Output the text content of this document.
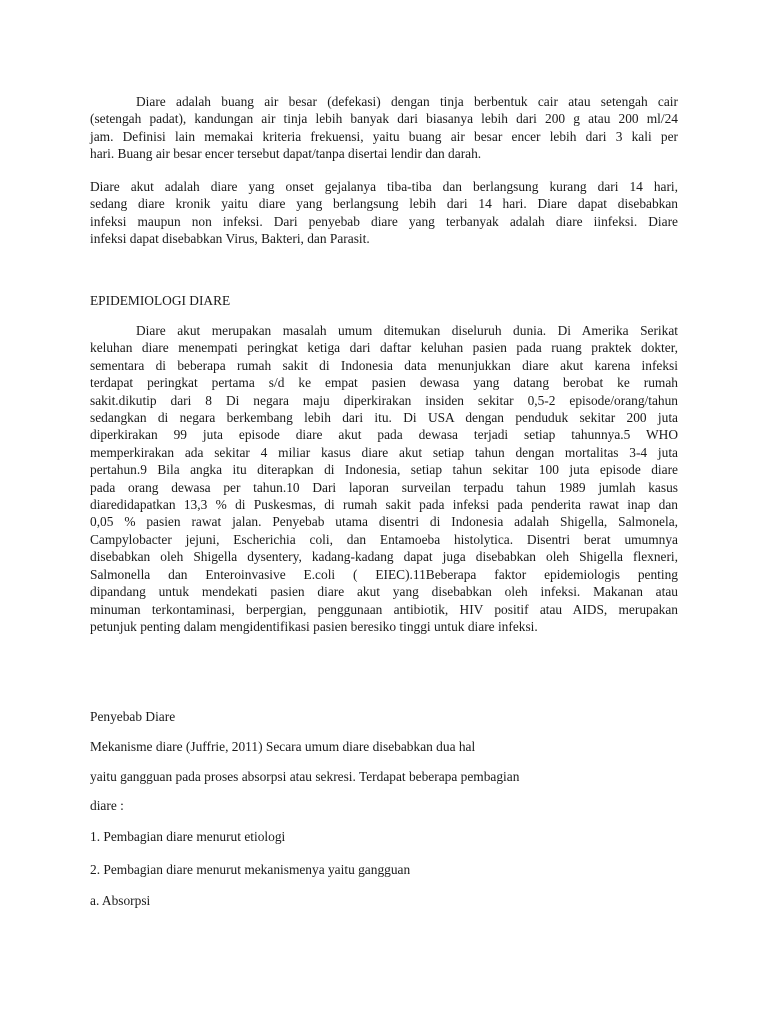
Diare adalah buang air besar (defekasi) dengan tinja berbentuk cair atau setengah cair
(setengah padat), kandungan air tinja lebih banyak dari biasanya lebih dari 200 g atau 200 ml/24
jam. Definisi lain memakai kriteria frekuensi, yaitu buang air besar encer lebih dari 3 kali per
hari. Buang air besar encer tersebut dapat/tanpa disertai lendir dan darah.
Diare akut adalah diare yang onset gejalanya tiba-tiba dan berlangsung kurang dari 14 hari,
sedang diare kronik yaitu diare yang berlangsung lebih dari 14 hari. Diare dapat disebabkan
infeksi maupun non infeksi. Dari penyebab diare yang terbanyak adalah diare iinfeksi. Diare
infeksi dapat disebabkan Virus, Bakteri, dan Parasit.
EPIDEMIOLOGI DIARE
Diare akut merupakan masalah umum ditemukan diseluruh dunia. Di Amerika Serikat
keluhan diare menempati peringkat ketiga dari daftar keluhan pasien pada ruang praktek dokter,
sementara di beberapa rumah sakit di Indonesia data menunjukkan diare akut karena infeksi
terdapat peringkat pertama s/d ke empat pasien dewasa yang datang berobat ke rumah
sakit.dikutip dari 8 Di negara maju diperkirakan insiden sekitar 0,5-2 episode/orang/tahun
sedangkan di negara berkembang lebih dari itu. Di USA dengan penduduk sekitar 200 juta
diperkirakan 99 juta episode diare akut pada dewasa terjadi setiap tahunnya.5 WHO
memperkirakan ada sekitar 4 miliar kasus diare akut setiap tahun dengan mortalitas 3-4 juta
pertahun.9 Bila angka itu diterapkan di Indonesia, setiap tahun sekitar 100 juta episode diare
pada orang dewasa per tahun.10 Dari laporan surveilan terpadu tahun 1989 jumlah kasus
diaredidapatkan 13,3 % di Puskesmas, di rumah sakit pada infeksi pada penderita rawat inap dan
0,05 % pasien rawat jalan. Penyebab utama disentri di Indonesia adalah Shigella, Salmonela,
Campylobacter jejuni, Escherichia coli, dan Entamoeba histolytica. Disentri berat umumnya
disebabkan oleh Shigella dysentery, kadang-kadang dapat juga disebabkan oleh Shigella flexneri,
Salmonella dan Enteroinvasive E.coli ( EIEC).11Beberapa faktor epidemiologis penting
dipandang untuk mendekati pasien diare akut yang disebabkan oleh infeksi. Makanan atau
minuman terkontaminasi, berpergian, penggunaan antibiotik, HIV positif atau AIDS, merupakan
petunjuk penting dalam mengidentifikasi pasien beresiko tinggi untuk diare infeksi.
Penyebab Diare
Mekanisme diare (Juffrie, 2011) Secara umum diare disebabkan dua hal
yaitu gangguan pada proses absorpsi atau sekresi. Terdapat beberapa pembagian
diare :
1. Pembagian diare menurut etiologi
2. Pembagian diare menurut mekanismenya yaitu gangguan
a. Absorpsi
